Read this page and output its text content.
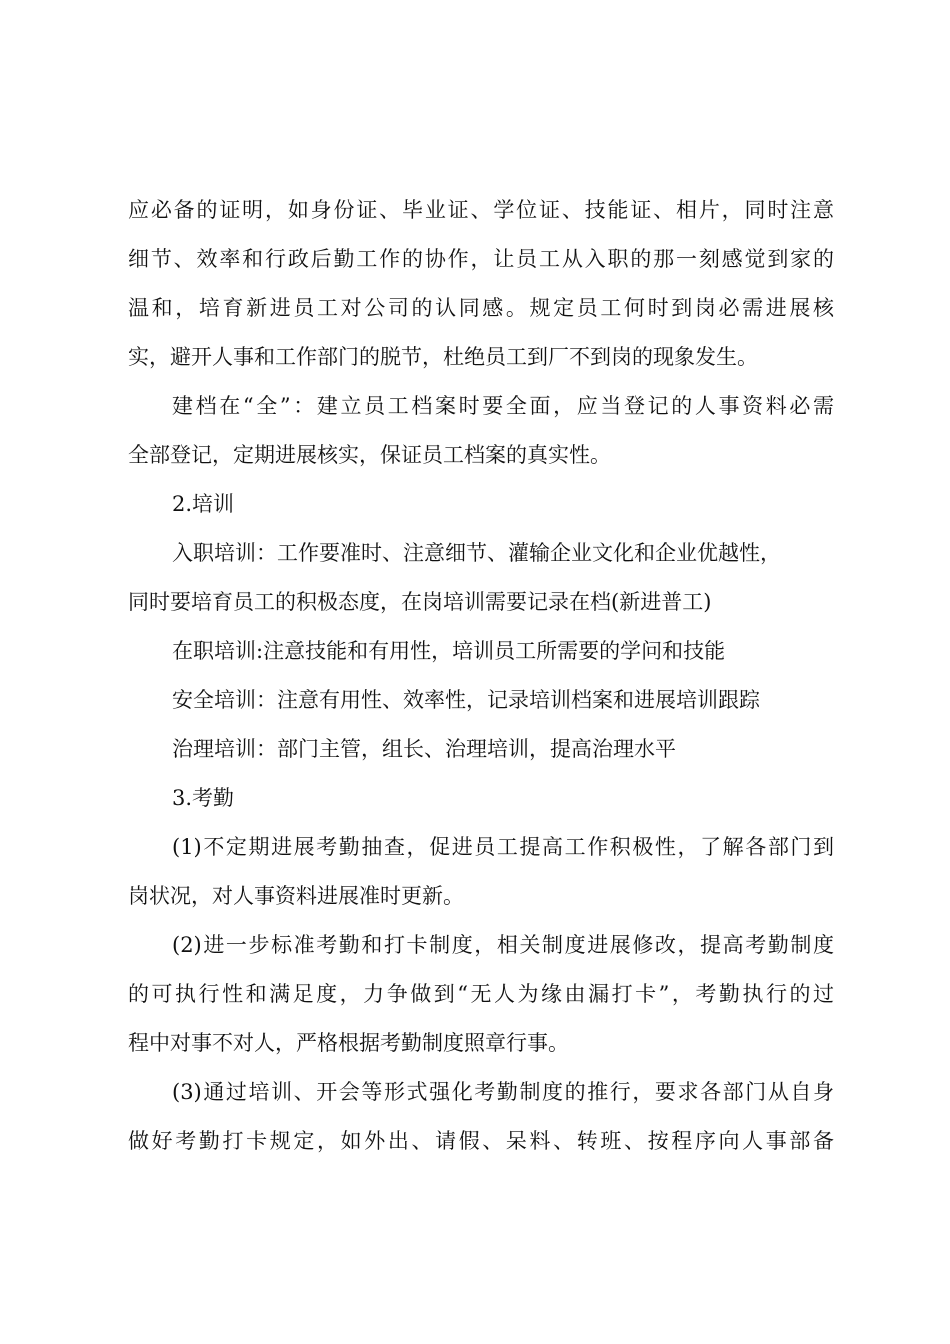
应必备的证明，如身份证、毕业证、学位证、技能证、相片，同时注意
细节、效率和行政后勤工作的协作，让员工从入职的那一刻感觉到家的
温和，培育新进员工对公司的认同感。规定员工何时到岗必需进展核
实，避开人事和工作部门的脱节，杜绝员工到厂不到岗的现象发生。
建档在“全”：建立员工档案时要全面，应当登记的人事资料必需
全部登记，定期进展核实，保证员工档案的真实性。
2.培训
入职培训：工作要准时、注意细节、灌输企业文化和企业优越性，
同时要培育员工的积极态度，在岗培训需要记录在档(新进普工)
在职培训:注意技能和有用性，培训员工所需要的学问和技能
安全培训：注意有用性、效率性，记录培训档案和进展培训跟踪
治理培训：部门主管，组长、治理培训，提高治理水平
3.考勤
(1)不定期进展考勤抽查，促进员工提高工作积极性，了解各部门到
岗状况，对人事资料进展准时更新。
(2)进一步标准考勤和打卡制度，相关制度进展修改，提高考勤制度
的可执行性和满足度，力争做到“无人为缘由漏打卡”，考勤执行的过
程中对事不对人，严格根据考勤制度照章行事。
(3)通过培训、开会等形式强化考勤制度的推行，要求各部门从自身
做好考勤打卡规定，如外出、请假、呆料、转班、按程序向人事部备
